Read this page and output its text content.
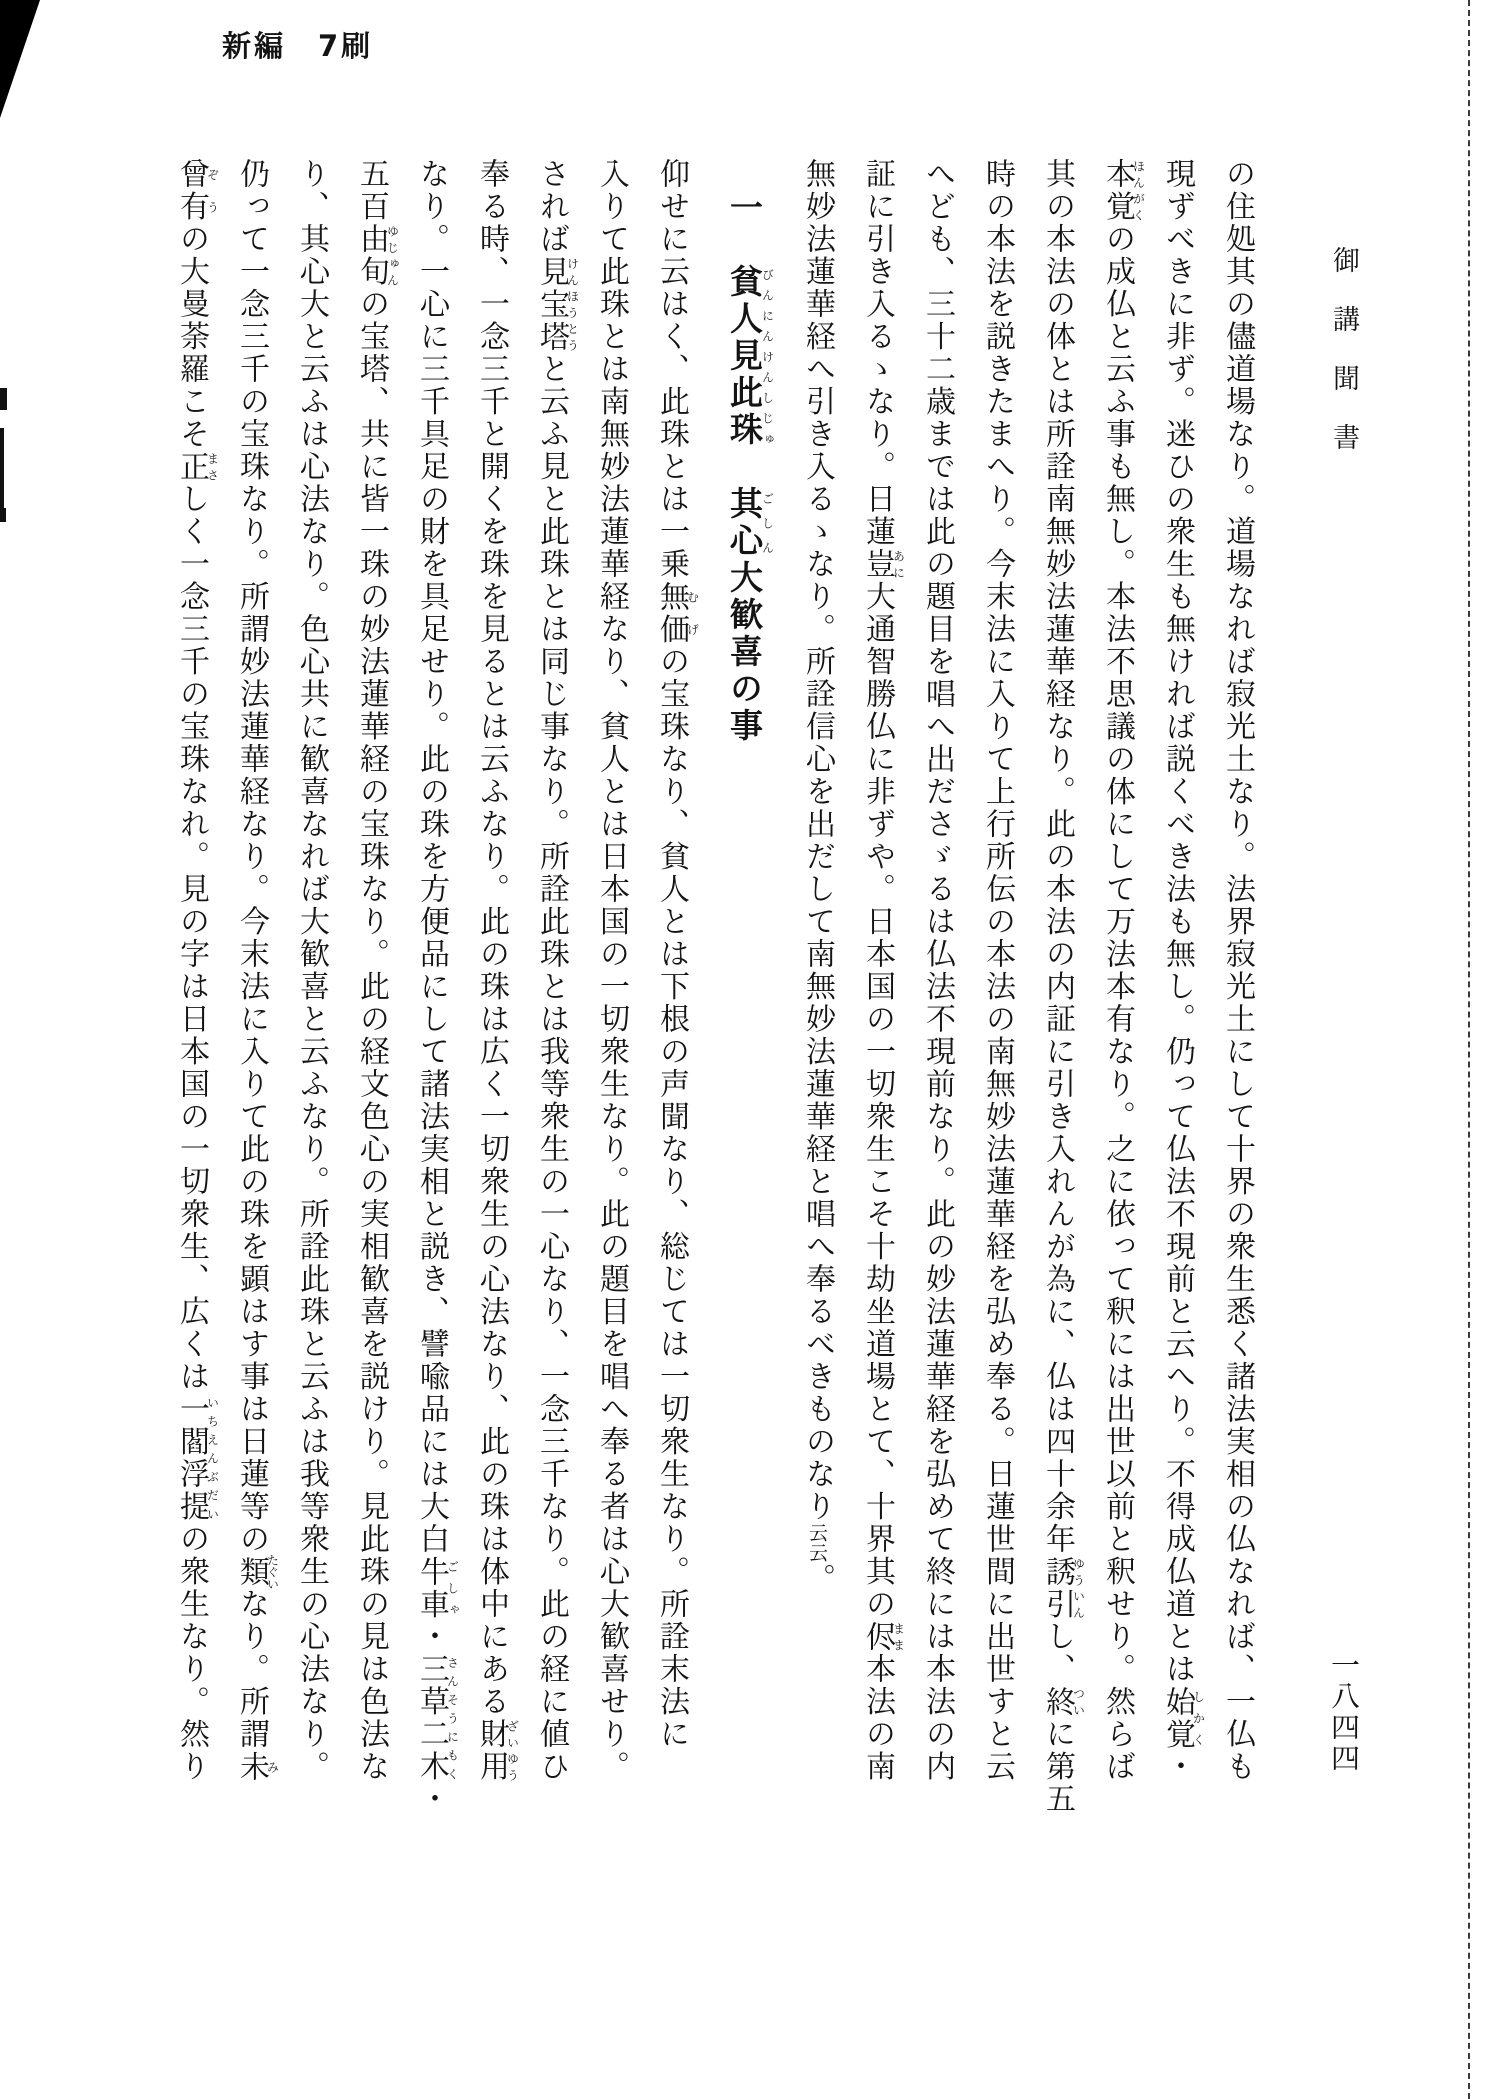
新編　7刷
御講聞書
一八四四
の住処其の儘道場なり。道場なれば寂光土なり。法界寂光土にして十界の衆生悉く諸法実相の仏なれば、一仏も
現ずべきに非ず。迷ひの衆生も無ければ説くべき法も無し。仍って仏法不現前と云へり。不得成仏道とは始覚しかく・
本覚ほんがくの成仏と云ふ事も無し。本法不思議の体にして万法本有なり。之に依って釈には出世以前と釈せり。然らば
其の本法の体とは所詮南無妙法蓮華経なり。此の本法の内証に引き入れんが為に、仏は四十余年誘引ゆういんし、終ついに第五
時の本法を説きたまへり。今末法に入りて上行所伝の本法の南無妙法蓮華経を弘め奉る。日蓮世間に出世すと云
へども、三十二歳までは此の題目を唱へ出ださゞるは仏法不現前なり。此の妙法蓮華経を弘めて終には本法の内
証に引き入るゝなり。日蓮豈あに大通智勝仏に非ずや。日本国の一切衆生こそ十劫坐道場とて、十界其の侭まま本法の南
無妙法蓮華経へ引き入るゝなり。所詮信心を出だして南無妙法蓮華経と唱へ奉るべきものなり云云。
一　貧人見此珠びんにんけんしじゅ　其心ごしん大歓喜の事
仰せに云はく、此珠とは一乗無価むげの宝珠なり、貧人とは下根の声聞なり、総じては一切衆生なり。所詮末法に
入りて此珠とは南無妙法蓮華経なり、貧人とは日本国の一切衆生なり。此の題目を唱へ奉る者は心大歓喜せり。
されば見宝塔けんほうとうと云ふ見と此珠とは同じ事なり。所詮此珠とは我等衆生の一心なり、一念三千なり。此の経に値ひ
奉る時、一念三千と開くを珠を見るとは云ふなり。此の珠は広く一切衆生の心法なり、此の珠は体中にある財用ざいゆう
なり。一心に三千具足の財を具足せり。此の珠を方便品にして諸法実相と説き、譬喩品には大白牛車ごしゃ・三草二木さんそうにもく・
五百由旬ゆじゅんの宝塔、共に皆一珠の妙法蓮華経の宝珠なり。此の経文色心の実相歓喜を説けり。見此珠の見は色法な
り、其心大と云ふは心法なり。色心共に歓喜なれば大歓喜と云ふなり。所詮此珠と云ふは我等衆生の心法なり。
仍って一念三千の宝珠なり。所謂妙法蓮華経なり。今末法に入りて此の珠を顕はす事は日蓮等の類たぐいなり。所謂未み
曾有ぞうの大曼荼羅こそ正まさしく一念三千の宝珠なれ。見の字は日本国の一切衆生、広くは一閻浮提いちえんぶだいの衆生なり。然り
